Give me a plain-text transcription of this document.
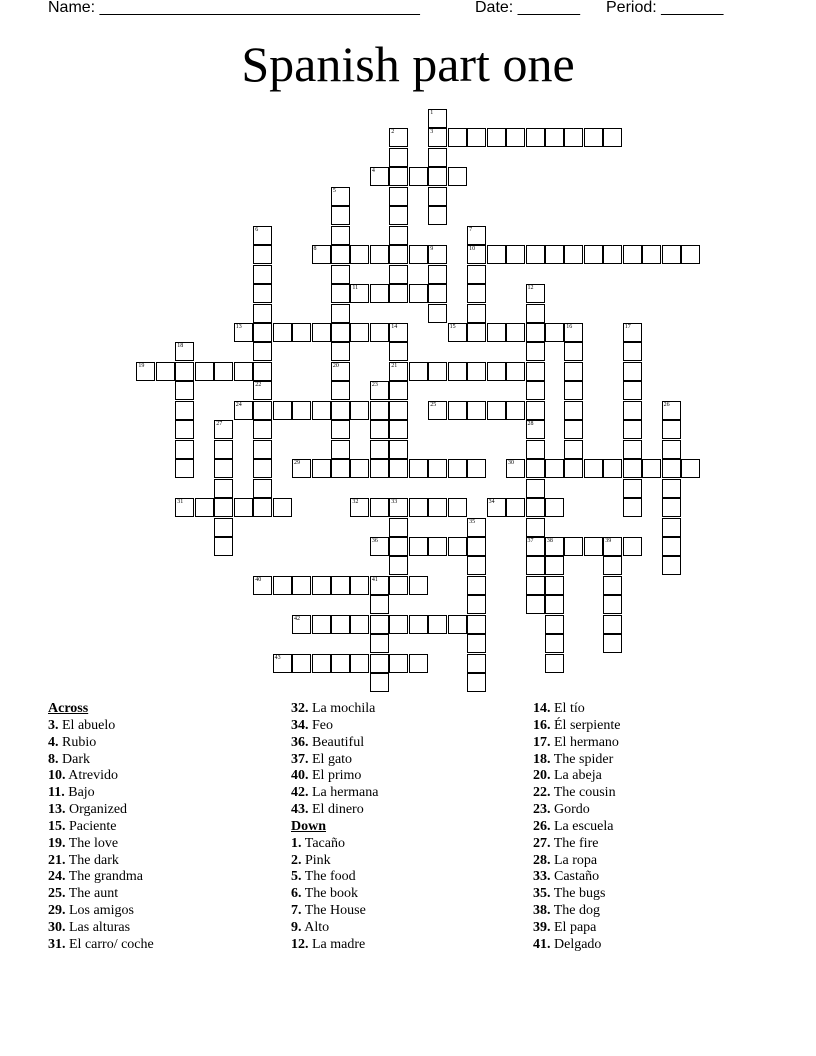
Name: ____________________________________	Date: _______ Period: _______
Spanish part one
1
3
2
4
5
6	7
10
8	9
11	12
13	14
21
15	16	17
18
19	20
22	23
24	25	26
27	28
37
29	30
31	32	33	34
35
36	38	39
40	41
42
43
Across
3. El abuelo
4. Rubio
8. Dark
10. Atrevido
11. Bajo
13. Organized
15. Paciente
19. The love
21. The dark
24. The grandma
25. The aunt
29. Los amigos
30. Las alturas
31. El carro/ coche
32. La mochila
34. Feo
36. Beautiful
37. El gato
40. El primo
42. La hermana
43. El dinero
Down
1. Tacaño
2. Pink
5. The food
6. The book
7. The House
9. Alto
12. La madre
14. El tío
16. Él serpiente
17. El hermano
18. The spider
20. La abeja
22. The cousin
23. Gordo
26. La escuela
27. The fire
28. La ropa
33. Castaño
35. The bugs
38. The dog
39. El papa
41. Delgado
